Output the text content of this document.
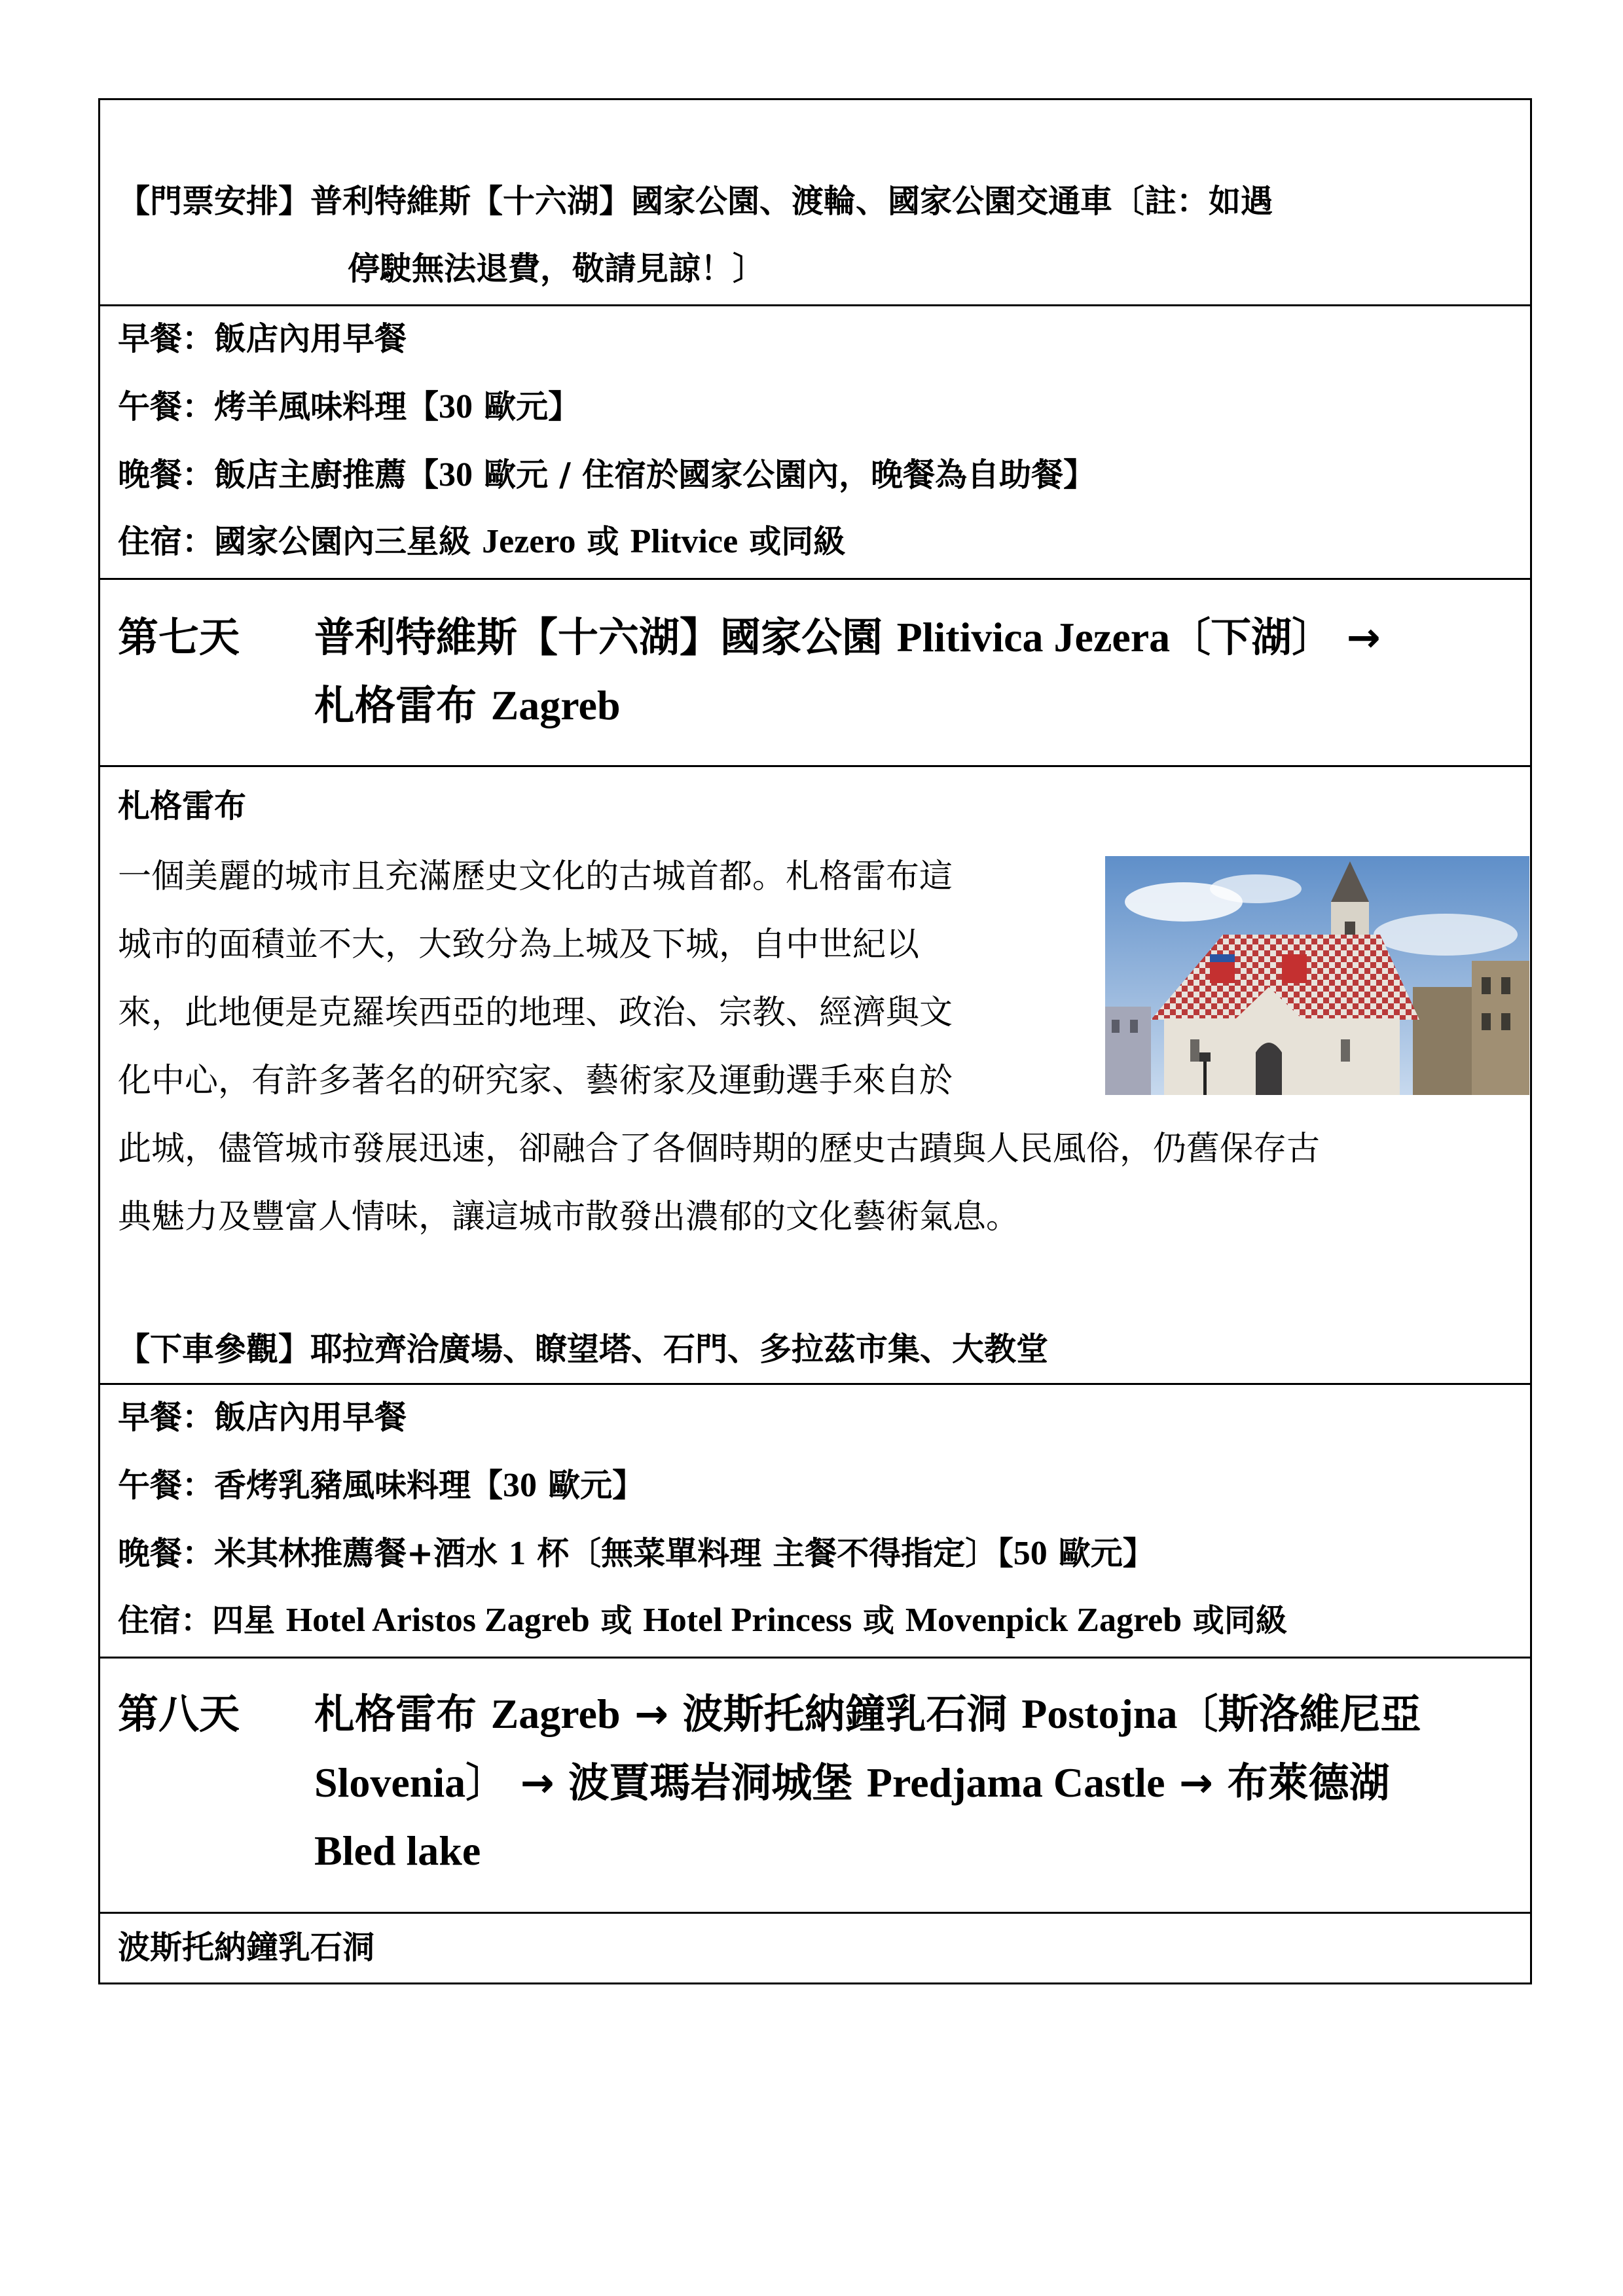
【門票安排】普利特維斯【十六湖】國家公園、渡輪、國家公園交通車〔註：如遇
停駛無法退費，敬請見諒！〕
早餐：飯店內用早餐
午餐：烤羊風味料理【30 歐元】
晚餐：飯店主廚推薦【30 歐元 / 住宿於國家公園內，晚餐為自助餐】
住宿：國家公園內三星級 Jezero 或 Plitvice 或同級
第七天 普利特維斯【十六湖】國家公園 Plitivica Jezera〔下湖〕 →
札格雷布 Zagreb
札格雷布
一個美麗的城市且充滿歷史文化的古城首都。札格雷布這
城市的面積並不大，大致分為上城及下城，自中世紀以
來，此地便是克羅埃西亞的地理、政治、宗教、經濟與文
化中心，有許多著名的研究家、藝術家及運動選手來自於
此城，儘管城市發展迅速，卻融合了各個時期的歷史古蹟與人民風俗，仍舊保存古
典魅力及豐富人情味，讓這城市散發出濃郁的文化藝術氣息。
【下車參觀】耶拉齊洽廣場、瞭望塔、石門、多拉茲市集、大教堂
早餐：飯店內用早餐
午餐：香烤乳豬風味料理【30 歐元】
晚餐：米其林推薦餐+酒水 1 杯〔無菜單料理 主餐不得指定〕【50 歐元】
住宿：四星 Hotel Aristos Zagreb 或 Hotel Princess 或 Movenpick Zagreb 或同級
第八天 札格雷布 Zagreb → 波斯托納鐘乳石洞 Postojna〔斯洛維尼亞
Slovenia〕 → 波賈瑪岩洞城堡 Predjama Castle → 布萊德湖
Bled lake
波斯托納鐘乳石洞
